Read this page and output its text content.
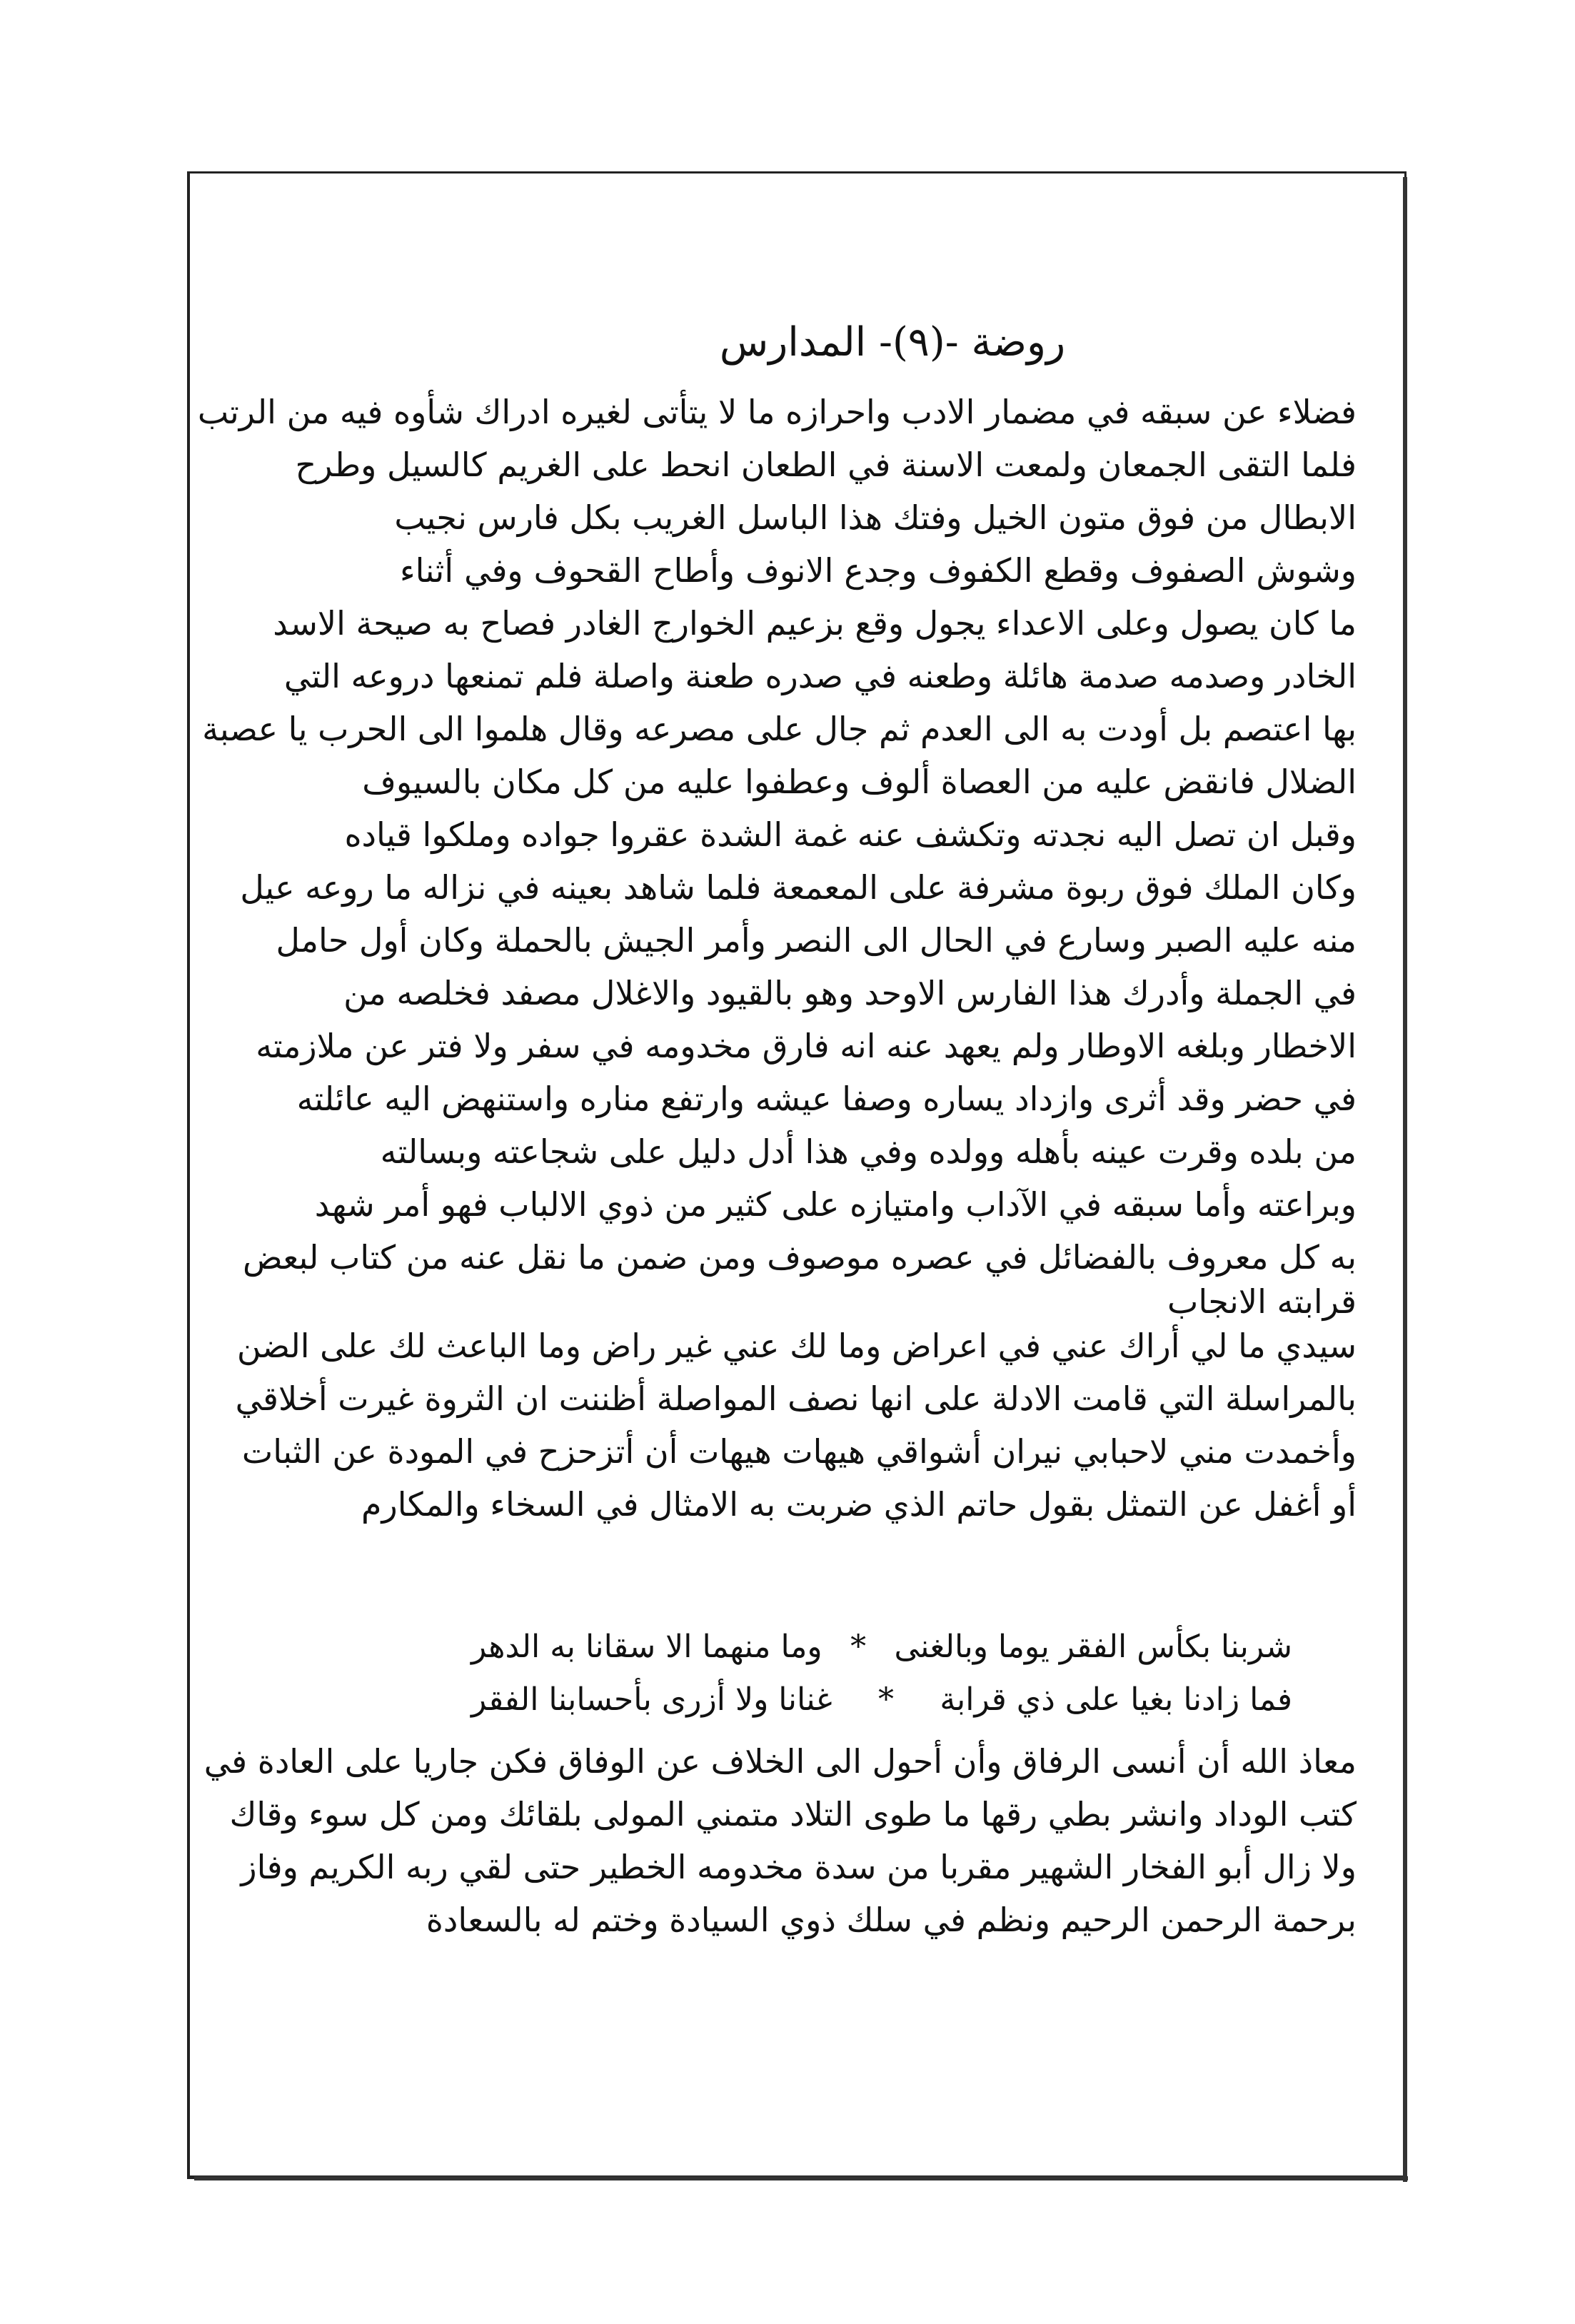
روضة -(٩)- المدارس
فضلاء عن سبقه في مضمار الادب واحرازه ما لا يتأتى لغيره ادراك شأوه فيه من الرتب
فلما التقى الجمعان ولمعت الاسنة في الطعان انحط على الغريم كالسيل وطرح
الابطال من فوق متون الخيل وفتك هذا الباسل الغريب بكل فارس نجيب
وشوش الصفوف وقطع الكفوف وجدع الانوف وأطاح القحوف وفي أثناء
ما كان يصول وعلى الاعداء يجول وقع بزعيم الخوارج الغادر فصاح به صيحة الاسد
الخادر وصدمه صدمة هائلة وطعنه في صدره طعنة واصلة فلم تمنعها دروعه التي
بها اعتصم بل أودت به الى العدم ثم جال على مصرعه وقال هلموا الى الحرب يا عصبة
الضلال فانقض عليه من العصاة ألوف وعطفوا عليه من كل مكان بالسيوف
وقبل ان تصل اليه نجدته وتكشف عنه غمة الشدة عقروا جواده وملكوا قياده
وكان الملك فوق ربوة مشرفة على المعمعة فلما شاهد بعينه في نزاله ما روعه عيل
منه عليه الصبر وسارع في الحال الى النصر وأمر الجيش بالحملة وكان أول حامل
في الجملة وأدرك هذا الفارس الاوحد وهو بالقيود والاغلال مصفد فخلصه من
الاخطار وبلغه الاوطار ولم يعهد عنه انه فارق مخدومه في سفر ولا فتر عن ملازمته
في حضر وقد أثرى وازداد يساره وصفا عيشه وارتفع مناره واستنهض اليه عائلته
من بلده وقرت عينه بأهله وولده وفي هذا أدل دليل على شجاعته وبسالته
وبراعته وأما سبقه في الآداب وامتيازه على كثير من ذوي الالباب فهو أمر شهد
به كل معروف بالفضائل في عصره موصوف ومن ضمن ما نقل عنه من كتاب لبعض
قرابته الانجاب
سيدي ما لي أراك عني في اعراض وما لك عني غير راض وما الباعث لك على الضن
بالمراسلة التي قامت الادلة على انها نصف المواصلة أظننت ان الثروة غيرت أخلاقي
وأخمدت مني لاحبابي نيران أشواقي هيهات هيهات أن أتزحزح في المودة عن الثبات
أو أغفل عن التمثل بقول حاتم الذي ضربت به الامثال في السخاء والمكارم
شربنا بكأس الفقر يوما وبالغنى
*
وما منهما الا سقانا به الدهر
فما زادنا بغيا على ذي قرابة
*
غنانا ولا أزرى بأحسابنا الفقر
معاذ الله أن أنسى الرفاق وأن أحول الى الخلاف عن الوفاق فكن جاريا على العادة في
كتب الوداد وانشر بطي رقها ما طوى التلاد متمني المولى بلقائك ومن كل سوء وقاك
ولا زال أبو الفخار الشهير مقربا من سدة مخدومه الخطير حتى لقي ربه الكريم وفاز
برحمة الرحمن الرحيم ونظم في سلك ذوي السيادة وختم له بالسعادة
